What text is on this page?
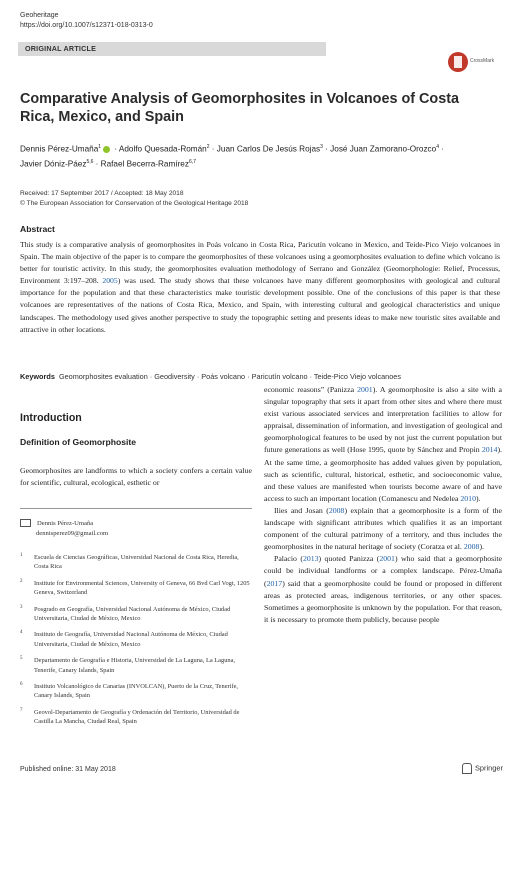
Geoheritage
https://doi.org/10.1007/s12371-018-0313-0
ORIGINAL ARTICLE
CrossMark
Comparative Analysis of Geomorphosites in Volcanoes of Costa Rica, Mexico, and Spain
Dennis Pérez-Umaña$^1$ · Adolfo Quesada-Román$^2$ · Juan Carlos De Jesús Rojas$^3$ · José Juan Zamorano-Orozco$^4$ ·
Javier Dóniz-Páez$^{5,6}$ · Rafael Becerra-Ramírez$^{6,7}$
Received: 17 September 2017 / Accepted: 18 May 2018
© The European Association for Conservation of the Geological Heritage 2018
Abstract
This study is a comparative analysis of geomorphosites in Poás volcano in Costa Rica, Paricutín volcano in Mexico, and Teide-Pico Viejo volcanoes in Spain. The main objective of the paper is to compare the geomorphosites of these volcanoes using a geomorphosites evaluation to define which volcano is better for touristic activity. In this study, the geomorphosites evaluation methodology of Serrano and González (Geomorphologie: Relief, Processus, Environment 3:197–208. 2005) was used. The study shows that these volcanoes have many different geomorphosites with geological and cultural importance for the population and that these characteristics make touristic development possible. One of the conclusions of this paper is that these volcanoes are representatives of the nations of Costa Rica, Mexico, and Spain, with interesting cultural and geological characteristics and unique landscapes. The methodology used gives another perspective to study the topographic setting and presents ideas to make new touristic sites available and attractive in other locations.
Keywords Geomorphosites evaluation · Geodiversity · Poás volcano · Paricutín volcano · Teide-Pico Viejo volcanoes
Introduction
Definition of Geomorphosite
Geomorphosites are landforms to which a society confers a certain value for scientific, cultural, ecological, esthetic or
Dennis Pérez-Umaña
dennisperez09@gmail.com
1 Escuela de Ciencias Geográficas, Universidad Nacional de Costa Rica, Heredia, Costa Rica
2 Institute for Environmental Sciences, University of Geneva, 66 Bvd Carl Vogt, 1205 Geneva, Switzerland
3 Posgrado en Geografía, Universidad Nacional Autónoma de México, Ciudad Universitaria, Ciudad de México, Mexico
4 Instituto de Geografía, Universidad Nacional Autónoma de México, Ciudad Universitaria, Ciudad de México, Mexico
5 Departamento de Geografía e Historia, Universidad de La Laguna, La Laguna, Tenerife, Canary Islands, Spain
6 Instituto Volcanológico de Canarias (INVOLCAN), Puerto de la Cruz, Tenerife, Canary Islands, Spain
7 Geovol-Departamento de Geografía y Ordenación del Territorio, Universidad de Castilla La Mancha, Ciudad Real, Spain

economic reasons” (Panizza 2001). A geomorphosite is also a site with a singular topography that sets it apart from other sites and where there must exist various associated services and interpretation facilities to allow for appraisal, dissemination of information, and investigation of geological and geomorphological features to be used by not just the current population but future generations as well (Hose 1995, quote by Sánchez and Propin 2014). At the same time, a geomorphosite has added values given by population, such as scientific, cultural, historical, esthetic, and socioeconomic value, and these values are manifested when tourists become aware of and have access to such an important location (Comanescu and Nedelea 2010).

Ilies and Josan (2008) explain that a geomorphosite is a form of the landscape with significant attributes which qualifies it as an important component of the cultural patrimony of a territory, and thus includes the geomorphosites in the natural heritage of society (Coratza et al. 2008).

Palacio (2013) quoted Panizza (2001) who said that a geomorphosite could be individual landforms or a complex landscape. Pérez-Umaña (2017) said that a geomorphosite could be found or proposed in different areas as protected areas, indigenous territories, or any other spaces. Sometimes a geomorphosite is unknown by the population. For that reason, it is necessary to promote them publicly, because people

Published online: 31 May 2018	Springer
